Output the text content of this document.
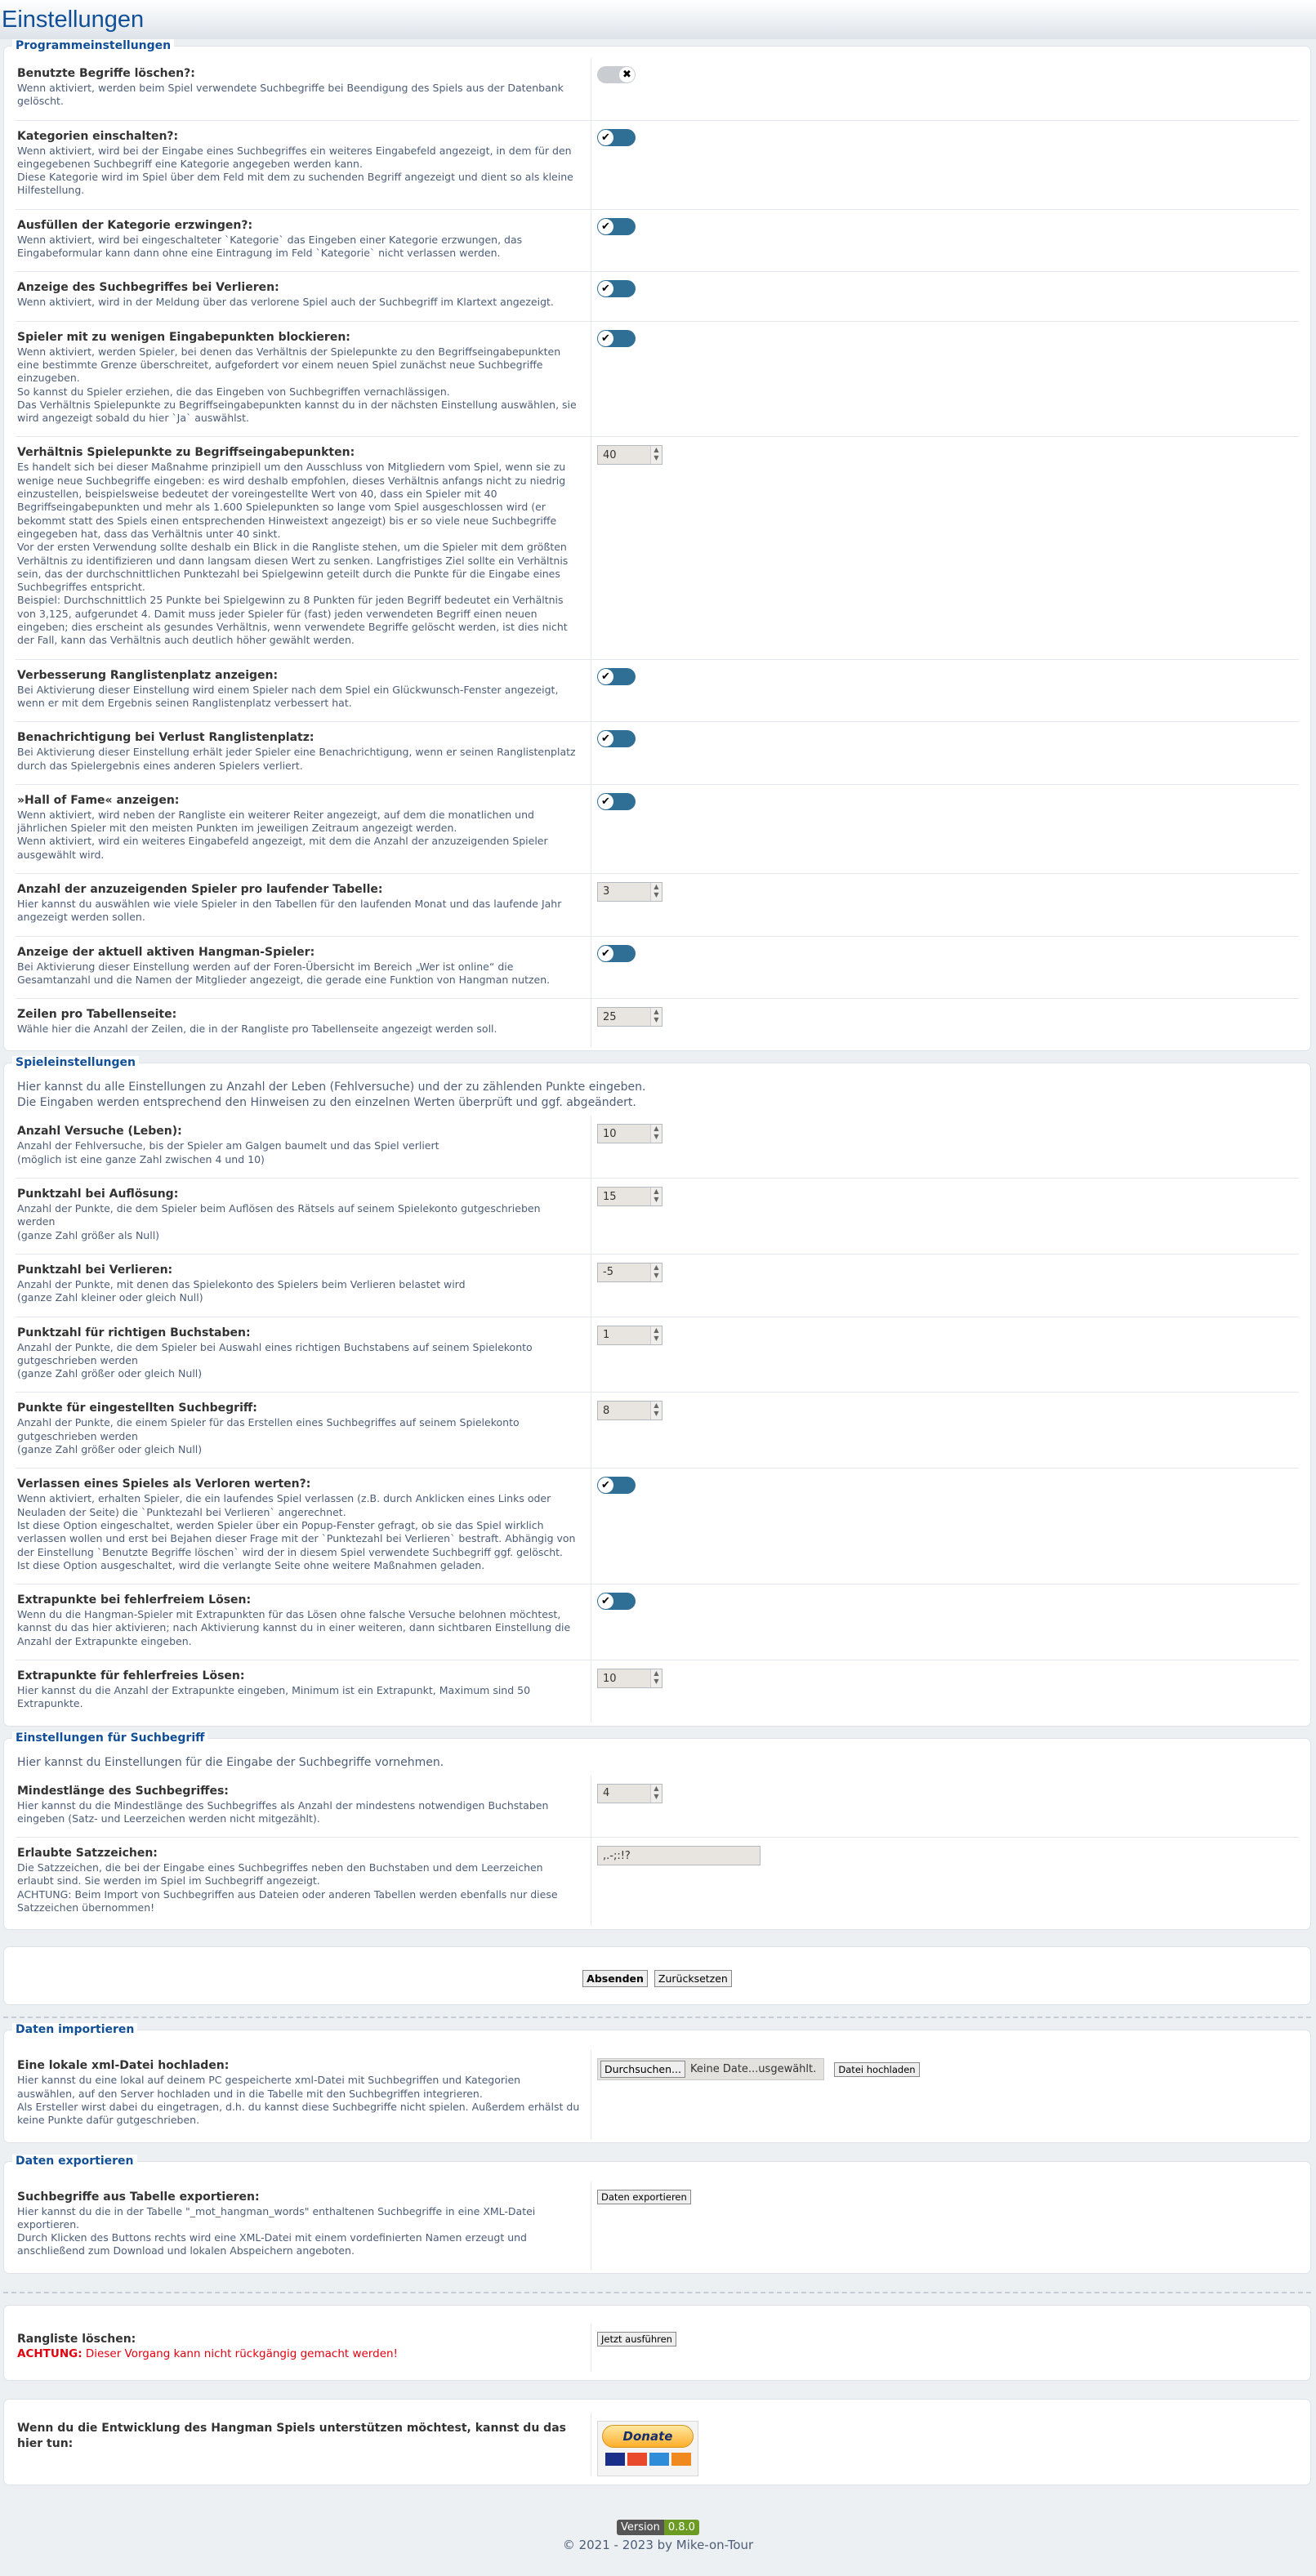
Einstellungen
Programmeinstellungen
Benutzte Begriffe löschen?:
Wenn aktiviert, werden beim Spiel verwendete Suchbegriffe bei Beendigung des Spiels aus der Datenbank gelöscht.
✖
Kategorien einschalten?:
Wenn aktiviert, wird bei der Eingabe eines Suchbegriffes ein weiteres Eingabefeld angezeigt, in dem für den eingegebenen Suchbegriff eine Kategorie angegeben werden kann.
Diese Kategorie wird im Spiel über dem Feld mit dem zu suchenden Begriff angezeigt und dient so als kleine Hilfestellung.
✔
Ausfüllen der Kategorie erzwingen?:
Wenn aktiviert, wird bei eingeschalteter `Kategorie` das Eingeben einer Kategorie erzwungen, das Eingabeformular kann dann ohne eine Eintragung im Feld `Kategorie` nicht verlassen werden.
✔
Anzeige des Suchbegriffes bei Verlieren:
Wenn aktiviert, wird in der Meldung über das verlorene Spiel auch der Suchbegriff im Klartext angezeigt.
✔
Spieler mit zu wenigen Eingabepunkten blockieren:
Wenn aktiviert, werden Spieler, bei denen das Verhältnis der Spielepunkte zu den Begriffseingabepunkten eine bestimmte Grenze überschreitet, aufgefordert vor einem neuen Spiel zunächst neue Suchbegriffe einzugeben.
So kannst du Spieler erziehen, die das Eingeben von Suchbegriffen vernachlässigen.
Das Verhältnis Spielepunkte zu Begriffseingabepunkten kannst du in der nächsten Einstellung auswählen, sie wird angezeigt sobald du hier `Ja` auswählst.
✔
Verhältnis Spielepunkte zu Begriffseingabepunkten:
Es handelt sich bei dieser Maßnahme prinzipiell um den Ausschluss von Mitgliedern vom Spiel, wenn sie zu wenige neue Suchbegriffe eingeben: es wird deshalb empfohlen, dieses Verhältnis anfangs nicht zu niedrig einzustellen, beispielsweise bedeutet der voreingestellte Wert von 40, dass ein Spieler mit 40 Begriffseingabepunkten und mehr als 1.600 Spielepunkten so lange vom Spiel ausgeschlossen wird (er bekommt statt des Spiels einen entsprechenden Hinweistext angezeigt) bis er so viele neue Suchbegriffe eingegeben hat, dass das Verhältnis unter 40 sinkt.
Vor der ersten Verwendung sollte deshalb ein Blick in die Rangliste stehen, um die Spieler mit dem größten Verhältnis zu identifizieren und dann langsam diesen Wert zu senken. Langfristiges Ziel sollte ein Verhältnis sein, das der durchschnittlichen Punktezahl bei Spielgewinn geteilt durch die Punkte für die Eingabe eines Suchbegriffes entspricht.
Beispiel: Durchschnittlich 25 Punkte bei Spielgewinn zu 8 Punkten für jeden Begriff bedeutet ein Verhältnis von 3,125, aufgerundet 4. Damit muss jeder Spieler für (fast) jeden verwendeten Begriff einen neuen eingeben; dies erscheint als gesundes Verhältnis, wenn verwendete Begriffe gelöscht werden, ist dies nicht der Fall, kann das Verhältnis auch deutlich höher gewählt werden.
40	▲
▼
Verbesserung Ranglistenplatz anzeigen:
Bei Aktivierung dieser Einstellung wird einem Spieler nach dem Spiel ein Glückwunsch-Fenster angezeigt, wenn er mit dem Ergebnis seinen Ranglistenplatz verbessert hat.
✔
Benachrichtigung bei Verlust Ranglistenplatz:
Bei Aktivierung dieser Einstellung erhält jeder Spieler eine Benachrichtigung, wenn er seinen Ranglistenplatz durch das Spielergebnis eines anderen Spielers verliert.
✔
»Hall of Fame« anzeigen:
Wenn aktiviert, wird neben der Rangliste ein weiterer Reiter angezeigt, auf dem die monatlichen und jährlichen Spieler mit den meisten Punkten im jeweiligen Zeitraum angezeigt werden.
Wenn aktiviert, wird ein weiteres Eingabefeld angezeigt, mit dem die Anzahl der anzuzeigenden Spieler ausgewählt wird.
✔
Anzahl der anzuzeigenden Spieler pro laufender Tabelle:
Hier kannst du auswählen wie viele Spieler in den Tabellen für den laufenden Monat und das laufende Jahr angezeigt werden sollen.
3	▲
▼
Anzeige der aktuell aktiven Hangman-Spieler:
Bei Aktivierung dieser Einstellung werden auf der Foren-Übersicht im Bereich „Wer ist online“ die Gesamtanzahl und die Namen der Mitglieder angezeigt, die gerade eine Funktion von Hangman nutzen.
✔
Zeilen pro Tabellenseite:
Wähle hier die Anzahl der Zeilen, die in der Rangliste pro Tabellenseite angezeigt werden soll.
25	▲
▼
Spieleinstellungen
Hier kannst du alle Einstellungen zu Anzahl der Leben (Fehlversuche) und der zu zählenden Punkte eingeben.
Die Eingaben werden entsprechend den Hinweisen zu den einzelnen Werten überprüft und ggf. abgeändert.
Anzahl Versuche (Leben):
Anzahl der Fehlversuche, bis der Spieler am Galgen baumelt und das Spiel verliert
(möglich ist eine ganze Zahl zwischen 4 und 10)
10	▲
▼
Punktzahl bei Auflösung:
Anzahl der Punkte, die dem Spieler beim Auflösen des Rätsels auf seinem Spielekonto gutgeschrieben werden
(ganze Zahl größer als Null)
15	▲
▼
Punktzahl bei Verlieren:
Anzahl der Punkte, mit denen das Spielekonto des Spielers beim Verlieren belastet wird
(ganze Zahl kleiner oder gleich Null)
-5	▲
▼
Punktzahl für richtigen Buchstaben:
Anzahl der Punkte, die dem Spieler bei Auswahl eines richtigen Buchstabens auf seinem Spielekonto gutgeschrieben werden
(ganze Zahl größer oder gleich Null)
1	▲
▼
Punkte für eingestellten Suchbegriff:
Anzahl der Punkte, die einem Spieler für das Erstellen eines Suchbegriffes auf seinem Spielekonto gutgeschrieben werden
(ganze Zahl größer oder gleich Null)
8	▲
▼
Verlassen eines Spieles als Verloren werten?:
Wenn aktiviert, erhalten Spieler, die ein laufendes Spiel verlassen (z.B. durch Anklicken eines Links oder Neuladen der Seite) die `Punktezahl bei Verlieren` angerechnet.
Ist diese Option eingeschaltet, werden Spieler über ein Popup-Fenster gefragt, ob sie das Spiel wirklich verlassen wollen und erst bei Bejahen dieser Frage mit der `Punktezahl bei Verlieren` bestraft. Abhängig von der Einstellung `Benutzte Begriffe löschen` wird der in diesem Spiel verwendete Suchbegriff ggf. gelöscht.
Ist diese Option ausgeschaltet, wird die verlangte Seite ohne weitere Maßnahmen geladen.
✔
Extrapunkte bei fehlerfreiem Lösen:
Wenn du die Hangman-Spieler mit Extrapunkten für das Lösen ohne falsche Versuche belohnen möchtest, kannst du das hier aktivieren; nach Aktivierung kannst du in einer weiteren, dann sichtbaren Einstellung die Anzahl der Extrapunkte eingeben.
✔
Extrapunkte für fehlerfreies Lösen:
Hier kannst du die Anzahl der Extrapunkte eingeben, Minimum ist ein Extrapunkt, Maximum sind 50 Extrapunkte.
10	▲
▼
Einstellungen für Suchbegriff
Hier kannst du Einstellungen für die Eingabe der Suchbegriffe vornehmen.
Mindestlänge des Suchbegriffes:
Hier kannst du die Mindestlänge des Suchbegriffes als Anzahl der mindestens notwendigen Buchstaben eingeben (Satz- und Leerzeichen werden nicht mitgezählt).
4	▲
▼
Erlaubte Satzzeichen:
Die Satzzeichen, die bei der Eingabe eines Suchbegriffes neben den Buchstaben und dem Leerzeichen erlaubt sind. Sie werden im Spiel im Suchbegriff angezeigt.
ACHTUNG: Beim Import von Suchbegriffen aus Dateien oder anderen Tabellen werden ebenfalls nur diese Satzzeichen übernommen!
,.-;:!?
Absenden	Zurücksetzen
Daten importieren
Eine lokale xml-Datei hochladen:
Hier kannst du eine lokal auf deinem PC gespeicherte xml-Datei mit Suchbegriffen und Kategorien auswählen, auf den Server hochladen und in die Tabelle mit den Suchbegriffen integrieren.
Als Ersteller wirst dabei du eingetragen, d.h. du kannst diese Suchbegriffe nicht spielen. Außerdem erhälst du keine Punkte dafür gutgeschrieben.
Durchsuchen... Keine Date...usgewählt.	Datei hochladen
Daten exportieren
Suchbegriffe aus Tabelle exportieren:
Hier kannst du die in der Tabelle "_mot_hangman_words" enthaltenen Suchbegriffe in eine XML-Datei exportieren.
Durch Klicken des Buttons rechts wird eine XML-Datei mit einem vordefinierten Namen erzeugt und anschließend zum Download und lokalen Abspeichern angeboten.
Daten exportieren
Rangliste löschen:
ACHTUNG: Dieser Vorgang kann nicht rückgängig gemacht werden!
Jetzt ausführen
Wenn du die Entwicklung des Hangman Spiels unterstützen möchtest, kannst du das hier tun:	Donate
Version 0.8.0
© 2021 - 2023 by Mike-on-Tour
